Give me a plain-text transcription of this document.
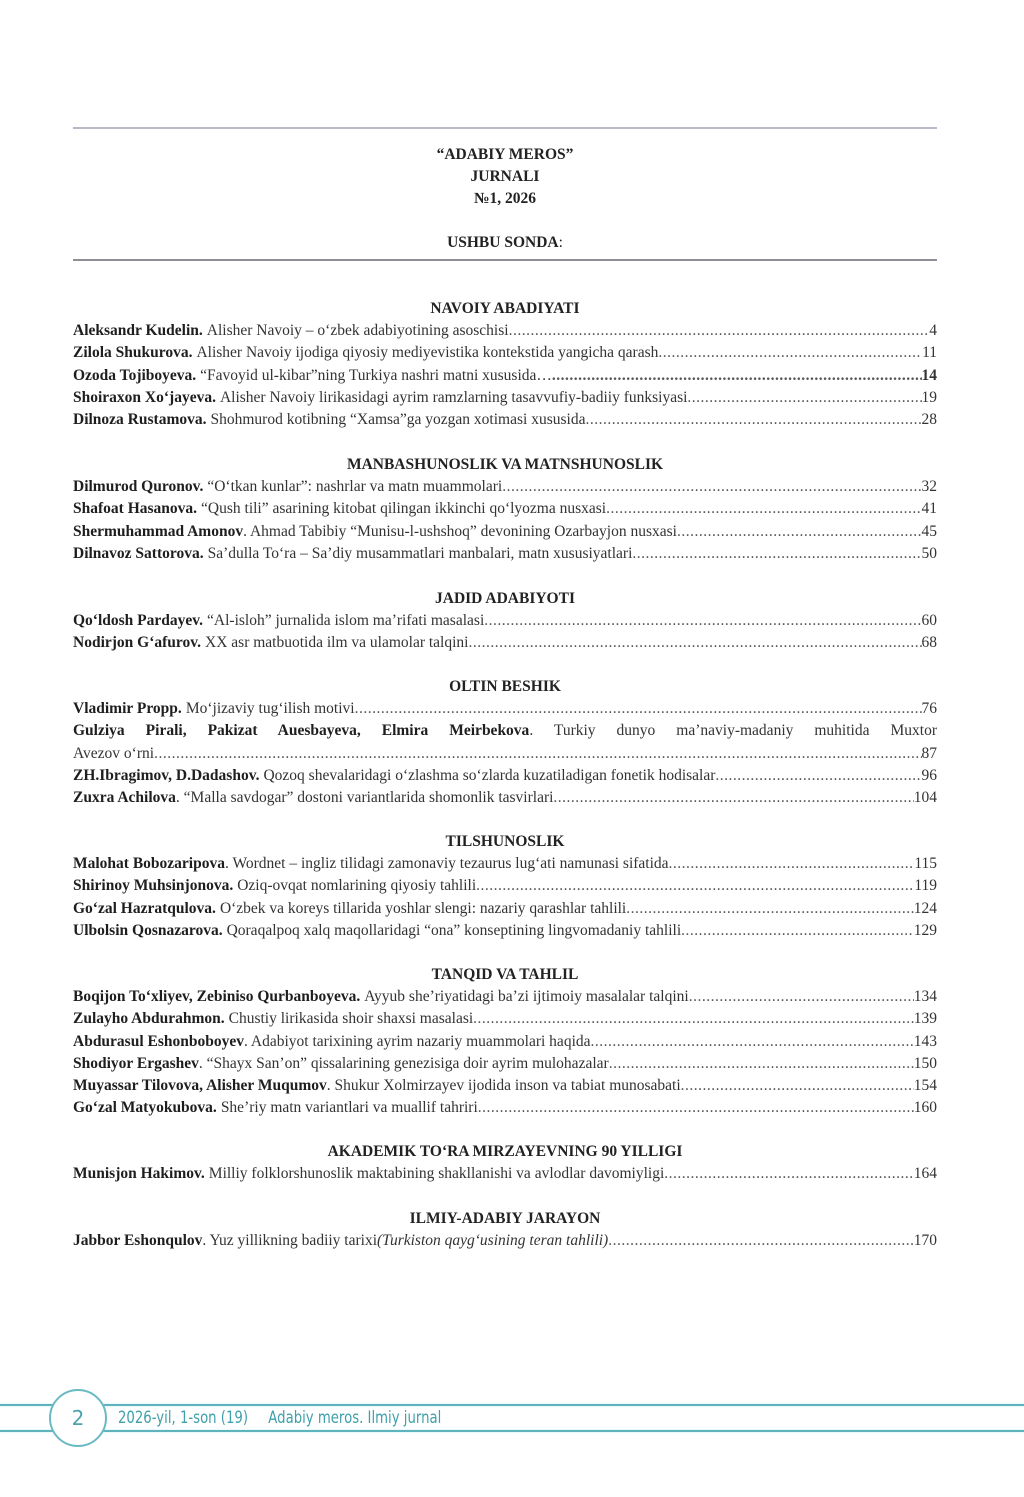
“ADABIY MEROS”
JURNALI
№1, 2026
USHBU SONDA:
NAVOIY ABADIYATI
Aleksandr Kudelin. Alisher Navoiy – o‘zbek adabiyotining asoschisi .....	4
Zilola Shukurova. Alisher Navoiy ijodiga qiyosiy mediyevistika kontekstida yangicha qarash .....	11
Ozoda Tojiboyeva. “Favoyid ul-kibar”ning Turkiya nashri matni xususida… .....	14
Shoiraxon Xo‘jayeva. Alisher Navoiy lirikasidagi ayrim ramzlarning tasavvufiy-badiiy funksiyasi .....	19
Dilnoza Rustamova. Shohmurod kotibning “Xamsa”ga yozgan xotimasi xususida .....	28
MANBASHUNOSLIK VA MATNSHUNOSLIK
Dilmurod Quronov. “O‘tkan kunlar”: nashrlar va matn muammolari .....	32
Shafoat Hasanova. “Qush tili” asarining kitobat qilingan ikkinchi qo‘lyozma nusxasi .....	41
Shermuhammad Amonov . Ahmad Tabibiy “Munisu-l-ushshoq” devonining Ozarbayjon nusxasi .....	45
Dilnavoz Sattorova. Sa’dulla To‘ra – Sa’diy musammatlari manbalari, matn xususiyatlari .....	50
JADID ADABIYOTI
Qo‘ldosh Pardayev. “Al-isloh” jurnalida islom ma’rifati masalasi .....	60
Nodirjon G‘afurov. XX asr matbuotida ilm va ulamolar talqini .....	68
OLTIN BESHIK
Vladimir Propp. Mo‘jizaviy tug‘ilish motivi .....	76
Gulziya Pirali, Pakizat Auesbayeva, Elmira Meirbekova. Turkiy dunyo ma’naviy-madaniy muhitida Muxtor
Avezov o‘rni .....	87
ZH.Ibragimov, D.Dadashov. Qozoq shevalaridagi o‘zlashma so‘zlarda kuzatiladigan fonetik hodisalar .....	96
Zuxra Achilova . “Malla savdogar” dostoni variantlarida shomonlik tasvirlari .....	104
TILSHUNOSLIK
Malohat Bobozaripova . Wordnet – ingliz tilidagi zamonaviy tezaurus lug‘ati namunasi sifatida .....	115
Shirinoy Muhsinjonova. Oziq-ovqat nomlarining qiyosiy tahlili .....	119
Go‘zal Hazratqulova. O‘zbek va koreys tillarida yoshlar slengi: nazariy qarashlar tahlili .....	124
Ulbolsin Qosnazarova. Qoraqalpoq xalq maqollaridagi “ona” konseptining lingvomadaniy tahlili .....	129
TANQID VA TAHLIL
Boqijon To‘xliyev, Zebiniso Qurbanboyeva. Ayyub she’riyatidagi ba’zi ijtimoiy masalalar talqini .....	134
Zulayho Abdurahmon. Chustiy lirikasida shoir shaxsi masalasi .....	139
Abdurasul Eshonboboyev . Adabiyot tarixining ayrim nazariy muammolari haqida .....	143
Shodiyor Ergashev . “Shayx San’on” qissalarining genezisiga doir ayrim mulohazalar .....	150
Muyassar Tilovova, Alisher Muqumov . Shukur Xolmirzayev ijodida inson va tabiat munosabati .....	154
Go‘zal Matyokubova. She’riy matn variantlari va muallif tahriri .....	160
AKADEMIK TO‘RA MIRZAYEVNING 90 YILLIGI
Munisjon Hakimov. Milliy folklorshunoslik maktabining shakllanishi va avlodlar davomiyligi .....	164
ILMIY-ADABIY JARAYON
Jabbor Eshonqulov . Yuz yillikning badiiy tarixi (Turkiston qayg‘usining teran tahlili) .....	170
2	2026-yil, 1-son (19) Adabiy meros. Ilmiy jurnal
